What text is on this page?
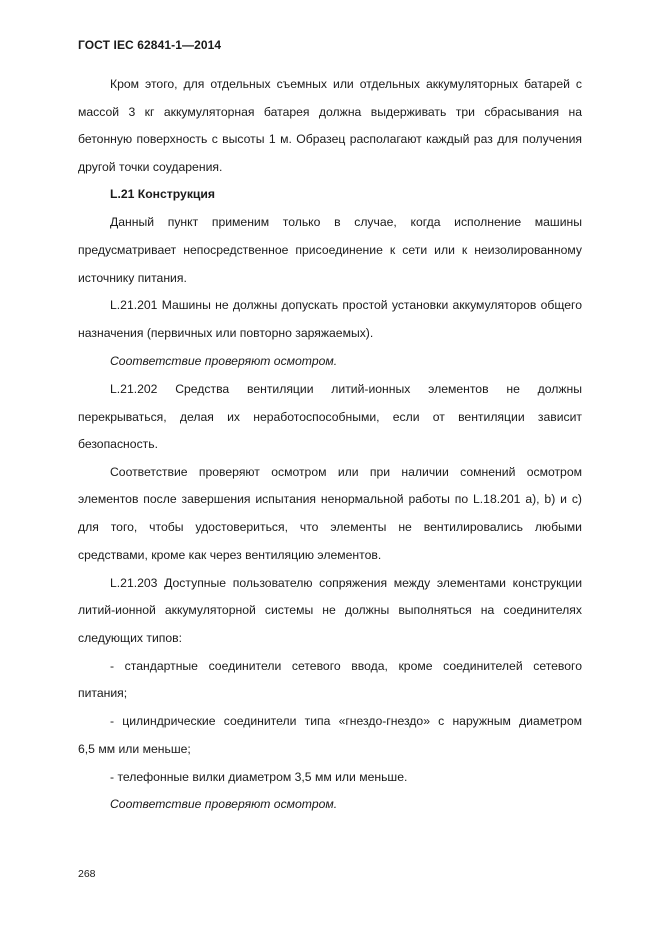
ГОСТ IEC 62841-1—2014
Кром этого, для отдельных съемных или отдельных аккумуляторных батарей с
массой 3 кг аккумуляторная батарея должна выдерживать три сбрасывания на
бетонную поверхность с высоты 1 м. Образец располагают каждый раз для получения
другой точки соударения.
L.21 Конструкция
Данный пункт применим только в случае, когда исполнение машины
предусматривает непосредственное присоединение к сети или к неизолированному
источнику питания.
L.21.201 Машины не должны допускать простой установки аккумуляторов общего
назначения (первичных или повторно заряжаемых).
Соответствие проверяют осмотром.
L.21.202 Средства вентиляции литий-ионных элементов не должны
перекрываться, делая их неработоспособными, если от вентиляции зависит
безопасность.
Соответствие проверяют осмотром или при наличии сомнений осмотром
элементов после завершения испытания ненормальной работы по L.18.201 a), b) и c)
для того, чтобы удостовериться, что элементы не вентилировались любыми
средствами, кроме как через вентиляцию элементов.
L.21.203 Доступные пользователю сопряжения между элементами конструкции
литий-ионной аккумуляторной системы не должны выполняться на соединителях
следующих типов:
- стандартные соединители сетевого ввода, кроме соединителей сетевого
питания;
- цилиндрические соединители типа «гнездо-гнездо» с наружным диаметром
6,5 мм или меньше;
- телефонные вилки диаметром 3,5 мм или меньше.
Соответствие проверяют осмотром.
268
